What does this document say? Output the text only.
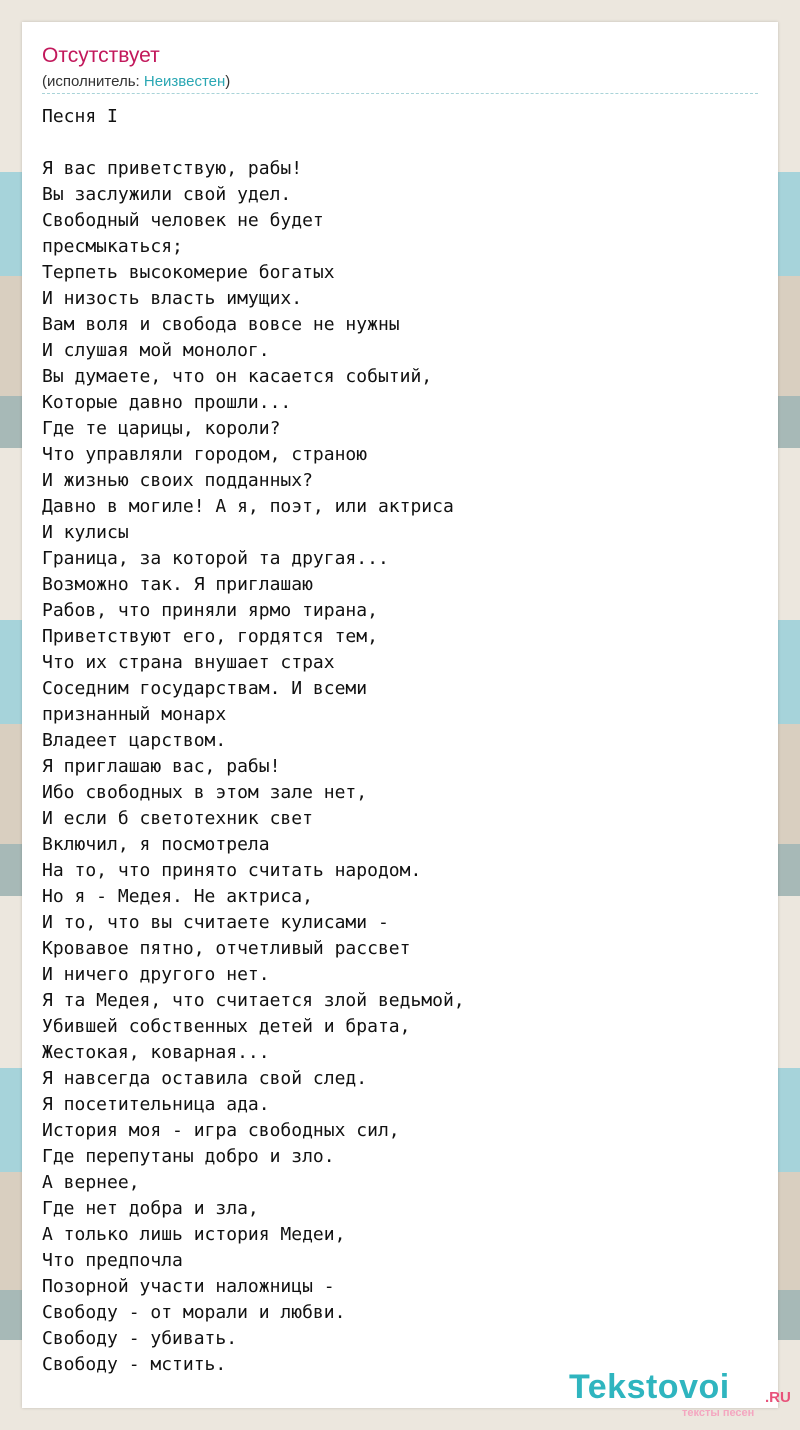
Отсутствует
(исполнитель: Неизвестен)
Песня I

Я вас приветствую, рабы!
Вы заслужили свой удел.
Свободный человек не будет
пресмыкаться;
Терпеть высокомерие богатых
И низость власть имущих.
Вам воля и свобода вовсе не нужны
И слушая мой монолог.
Вы думаете, что он касается событий,
Которые давно прошли...
Где те царицы, короли?
Что управляли городом, страною
И жизнью своих подданных?
Давно в могиле! А я, поэт, или актриса
И кулисы
Граница, за которой та другая...
Возможно так. Я приглашаю
Рабов, что приняли ярмо тирана,
Приветствуют его, гордятся тем,
Что их страна внушает страх
Соседним государствам. И всеми
признанный монарх
Владеет царством.
Я приглашаю вас, рабы!
Ибо свободных в этом зале нет,
И если б светотехник свет
Включил, я посмотрела
На то, что принято считать народом.
Но я - Медея. Не актриса,
И то, что вы считаете кулисами -
Кровавое пятно, отчетливый рассвет
И ничего другого нет.
Я та Медея, что считается злой ведьмой,
Убившей собственных детей и брата,
Жестокая, коварная...
Я навсегда оставила свой след.
Я посетительница ада.
История моя - игра свободных сил,
Где перепутаны добро и зло.
А вернее,
Где нет добра и зла,
А только лишь история Медеи,
Что предпочла
Позорной участи наложницы -
Свободу - от морали и любви.
Свободу - убивать.
Свободу - мстить.
Tekstovoi .RU
тексты песен
